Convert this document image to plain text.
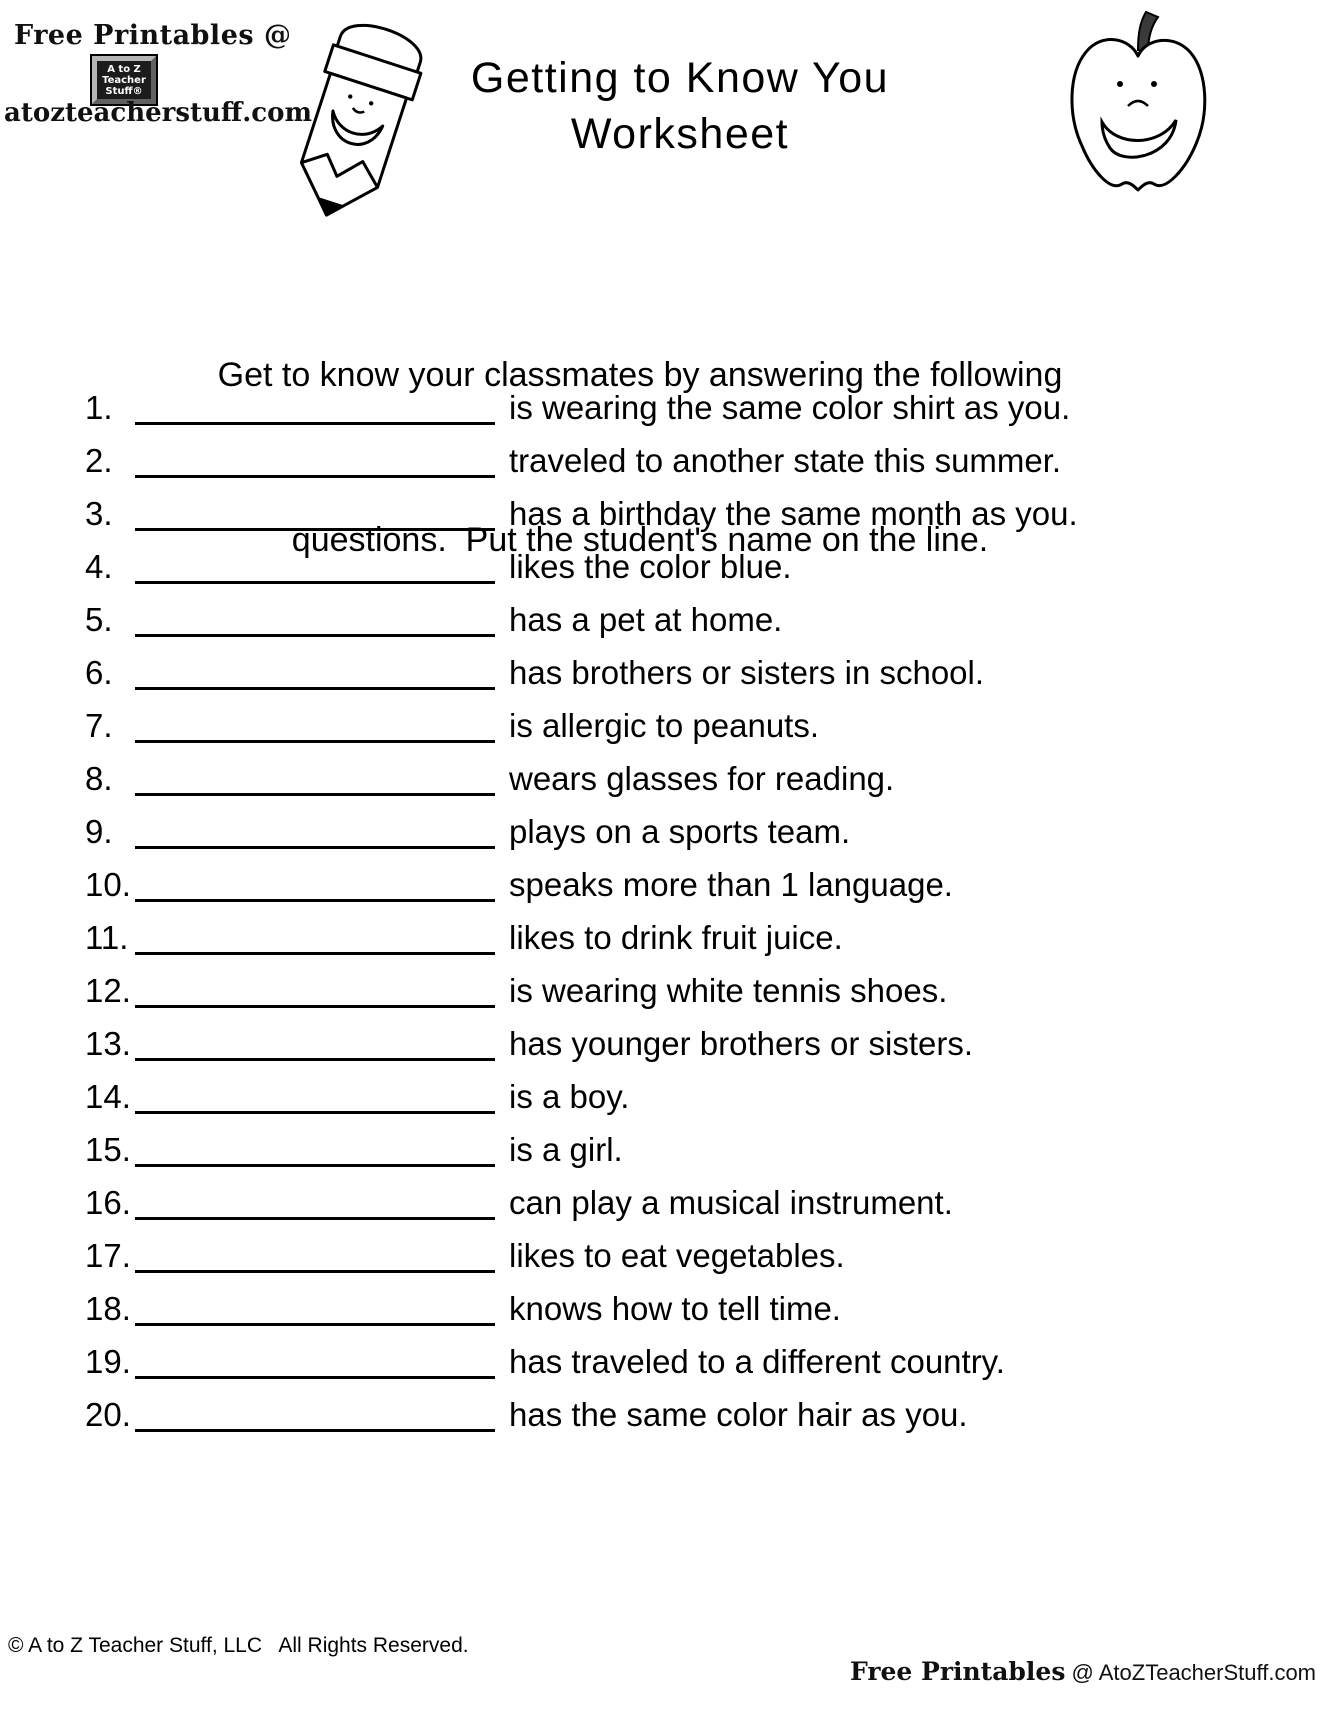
Free Printables @
A to Z
Teacher
Stuff®
atozteacherstuff.com
Getting to Know You
Worksheet

Get to know your classmates by answering the following

questions.  Put the student's name on the line.

1.	is wearing the same color shirt as you.
2.	traveled to another state this summer.
3.	has a birthday the same month as you.
4.	likes the color blue.
5.	has a pet at home.
6.	has brothers or sisters in school.
7.	is allergic to peanuts.
8.	wears glasses for reading.
9.	plays on a sports team.
10.	speaks more than 1 language.
11.	likes to drink fruit juice.
12.	is wearing white tennis shoes.
13.	has younger brothers or sisters.
14.	is a boy.
15.	is a girl.
16.	can play a musical instrument.
17.	likes to eat vegetables.
18.	knows how to tell time.
19.	has traveled to a different country.
20.	has the same color hair as you.
© A to Z Teacher Stuff, LLC   All Rights Reserved.

Free Printables @ AtoZTeacherStuff.com
